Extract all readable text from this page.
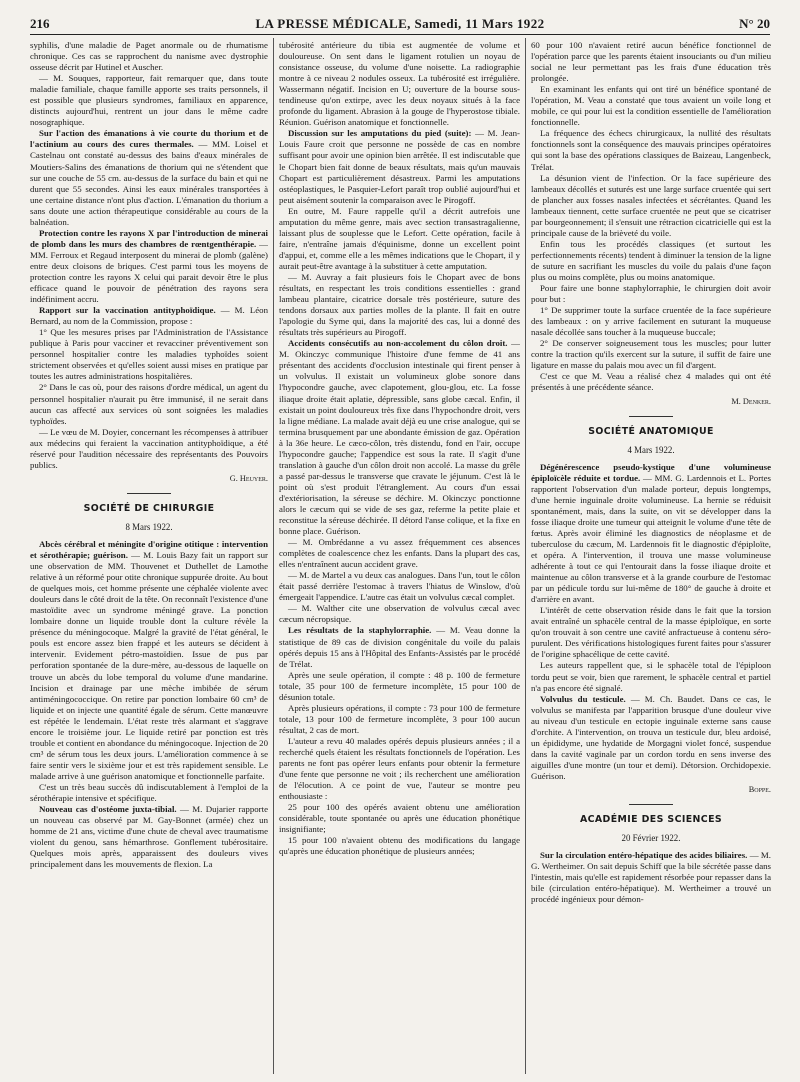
216	LA PRESSE MÉDICALE, Samedi, 11 Mars 1922	N° 20

syphilis, d'une maladie de Paget anormale ou de rhumatisme chronique. Ces cas se rapprochent du nanisme avec dystrophie osseuse décrit par Hutinel et Auscher.

— M. Souques, rapporteur, fait remarquer que, dans toute maladie familiale, chaque famille apporte ses traits personnels, il est possible que plusieurs syndromes, familiaux en apparence, distincts aujourd'hui, rentrent un jour dans le même cadre nosographique.

Sur l'action des émanations à vie courte du thorium et de l'actinium au cours des cures thermales. — MM. Loisel et Castelnau ont constaté au-dessus des bains d'eaux minérales de Moutiers-Salins des émanations de thorium qui ne s'étendent que sur une couche de 55 cm. au-dessus de la surface du bain et qui ne durent que 55 secondes. Ainsi les eaux minérales transportées à une certaine distance n'ont plus d'action. L'émanation du thorium a sans doute une action thérapeutique considérable au cours de la balnéation.

Protection contre les rayons X par l'introduction de minerai de plomb dans les murs des chambres de rœntgenthérapie. — MM. Ferroux et Regaud interposent du minerai de plomb (galène) entre deux cloisons de briques. C'est parmi tous les moyens de protection contre les rayons X celui qui parait devoir être le plus efficace quand le pouvoir de pénétration des rayons sera indéfiniment accru.

Rapport sur la vaccination antityphoïdique. — M. Léon Bernard, au nom de la Commission, propose :

1° Que les mesures prises par l'Administration de l'Assistance publique à Paris pour vacciner et revacciner préventivement son personnel hospitalier contre les maladies typhoïdes soient strictement observées et qu'elles soient aussi mises en pratique par toutes les autres administrations hospitalières.

2° Dans le cas où, pour des raisons d'ordre médical, un agent du personnel hospitalier n'aurait pu être immunisé, il ne serait dans aucun cas affecté aux services où sont soignées les maladies typhoïdes.

— Le vœu de M. Doyier, concernant les récompenses à attribuer aux médecins qui feraient la vaccination antityphoïdique, a été réservé pour l'audition nécessaire des représentants des Pouvoirs publics.

G. Heuyer.

SOCIÉTÉ DE CHIRURGIE
8 Mars 1922.

Abcès cérébral et méningite d'origine otitique : intervention et sérothérapie; guérison. — M. Louis Bazy fait un rapport sur une observation de MM. Thouvenet et Duthellet de Lamothe relative à un réformé pour otite chronique suppurée droite. Au bout de quelques mois, cet homme présente une céphalée violente avec douleurs dans le côté droit de la tête. On reconnaît l'existence d'une mastoïdite avec un syndrome méningé grave. La ponction lombaire donne un liquide trouble dont la culture révèle la présence du méningocoque. Malgré la gravité de l'état général, le pouls est encore assez bien frappé et les auteurs se décident à intervenir. Evidement pétro-mastoïdien. Issue de pus par perforation spontanée de la dure-mère, au-dessous de laquelle on trouve un abcès du lobe temporal du volume d'une mandarine. Incision et drainage par une mèche imbibée de sérum antiméningococcique. On retire par ponction lombaire 60 cm³ de liquide et on injecte une quantité égale de sérum. Cette manœuvre est répétée le lendemain. L'état reste très alarmant et s'aggrave encore le troisième jour. Le liquide retiré par ponction est très trouble et contient en abondance du méningocoque. Injection de 20 cm³ de sérum tous les deux jours. L'amélioration commence à se faire sentir vers le sixième jour et est très rapidement sensible. Le malade arrive à une guérison anatomique et fonctionnelle parfaite.

C'est un très beau succès dû indiscutablement à l'emploi de la sérothérapie intensive et spécifique.

Nouveau cas d'ostéome juxta-tibial. — M. Dujarier rapporte un nouveau cas observé par M. Gay-Bonnet (armée) chez un homme de 21 ans, victime d'une chute de cheval avec traumatisme violent du genou, sans hémarthrose. Gonflement tubérositaire. Quelques mois après, apparaissent des douleurs vives principalement dans les mouvements de flexion. La

tubérosité antérieure du tibia est augmentée de volume et douloureuse. On sent dans le ligament rotulien un noyau de consistance osseuse, du volume d'une noisette. La radiographie montre à ce niveau 2 nodules osseux. La tubérosité est irrégulière. Wassermann négatif. Incision en U; ouverture de la bourse sous-tendineuse qu'on extirpe, avec les deux noyaux situés à la face profonde du ligament. Abrasion à la gouge de l'hyperostose tibiale. Réunion. Guérison anatomique et fonctionnelle.

Discussion sur les amputations du pied (suite): — M. Jean-Louis Faure croit que personne ne possède de cas en nombre suffisant pour avoir une opinion bien arrêtée. Il est indiscutable que le Chopart bien fait donne de beaux résultats, mais qu'un mauvais Chopart est particulièrement désastreux. Parmi les amputations ostéoplastiques, le Pasquier-Lefort paraît trop oublié aujourd'hui et peut aisément soutenir la comparaison avec le Pirogoff.

En outre, M. Faure rappelle qu'il a décrit autrefois une amputation du même genre, mais avec section transastragalienne, laissant plus de souplesse que le Lefort. Cette opération, facile à faire, n'entraîne jamais d'équinisme, donne un excellent point d'appui, et, comme elle a les mêmes indications que le Chopart, il y aurait peut-être avantage à la substituer à cette amputation.

— M. Auvray a fait plusieurs fois le Chopart avec de bons résultats, en respectant les trois conditions essentielles : grand lambeau plantaire, cicatrice dorsale très postérieure, suture des tendons dorsaux aux parties molles de la plante. Il fait en outre l'apologie du Syme qui, dans la majorité des cas, lui a donné des résultats très supérieurs au Pirogoff.

Accidents consécutifs au non-accolement du côlon droit. — M. Okinczyc communique l'histoire d'une femme de 41 ans présentant des accidents d'occlusion intestinale qui firent penser à un volvulus. Il existait un volumineux globe sonore dans l'hypocondre gauche, avec clapotement, glou-glou, etc. La fosse iliaque droite était aplatie, dépressible, sans globe cæcal. Enfin, il existait un point douloureux très fixe dans l'hypochondre droit, vers la ligne médiane. La malade avait déjà eu une crise analogue, qui se termina brusquement par une abondante émission de gaz. Opération à la 36e heure. Le cæco-côlon, très distendu, fond en l'air, occupe l'hypocondre gauche; l'appendice est sous la rate. Il s'agit d'une translation à gauche d'un côlon droit non accolé. La masse du grêle a passé par-dessus le transverse que cravate le jéjunum. C'est là le point où s'est produit l'étranglement. Au cours d'un essai d'extériorisation, la séreuse se déchire. M. Okinczyc ponctionne alors le cæcum qui se vide de ses gaz, referme la petite plaie et reconstitue la séreuse déchirée. Il détord l'anse colique, et la fixe en bonne place. Guérison.

— M. Ombrédanne a vu assez fréquemment ces absences complètes de coalescence chez les enfants. Dans la plupart des cas, elles n'entraînent aucun accident grave.

— M. de Martel a vu deux cas analogues. Dans l'un, tout le côlon était passé derrière l'estomac à travers l'hiatus de Winslow, d'où émergeait l'appendice. L'autre cas était un volvulus cæcal complet.

— M. Walther cite une observation de volvulus cæcal avec cæcum nécropsique.

Les résultats de la staphylorraphie. — M. Veau donne la statistique de 89 cas de division congénitale du voile du palais opérés depuis 15 ans à l'Hôpital des Enfants-Assistés par le procédé de Trélat.

Après une seule opération, il compte : 48 p. 100 de fermeture totale, 35 pour 100 de fermeture incomplète, 15 pour 100 de désunion totale.

Après plusieurs opérations, il compte : 73 pour 100 de fermeture totale, 13 pour 100 de fermeture incomplète, 3 pour 100 aucun résultat, 2 cas de mort.

L'auteur a revu 40 malades opérés depuis plusieurs années ; il a recherché quels étaient les résultats fonctionnels de l'opération. Les parents ne font pas opérer leurs enfants pour obtenir la fermeture d'une fente que personne ne voit ; ils recherchent une amélioration de l'élocution. A ce point de vue, l'auteur se montre peu enthousiaste :

25 pour 100 des opérés avaient obtenu une amélioration considérable, toute spontanée ou après une éducation phonétique insignifiante;

15 pour 100 n'avaient obtenu des modifications du langage qu'après une éducation phonétique de plusieurs années;

60 pour 100 n'avaient retiré aucun bénéfice fonctionnel de l'opération parce que les parents étaient insouciants ou d'un milieu social ne leur permettant pas les frais d'une éducation très prolongée.

En examinant les enfants qui ont tiré un bénéfice spontané de l'opération, M. Veau a constaté que tous avaient un voile long et mobile, ce qui pour lui est la condition essentielle de l'amélioration fonctionnelle.

La fréquence des échecs chirurgicaux, la nullité des résultats fonctionnels sont la conséquence des mauvais principes opératoires qui sont la base des opérations classiques de Baizeau, Langenbeck, Trélat.

La désunion vient de l'infection. Or la face supérieure des lambeaux décollés et suturés est une large surface cruentée qui sert de plancher aux fosses nasales infectées et sécrétantes. Quand les lambeaux tiennent, cette surface cruentée ne peut que se cicatriser par bourgeonnement; il s'ensuit une rétraction cicatricielle qui est la principale cause de la brièveté du voile.

Enfin tous les procédés classiques (et surtout les perfectionnements récents) tendent à diminuer la tension de la ligne de suture en sacrifiant les muscles du voile du palais d'une façon plus ou moins complète, plus ou moins anatomique.

Pour faire une bonne staphylorraphie, le chirurgien doit avoir pour but :

1° De supprimer toute la surface cruentée de la face supérieure des lambeaux : on y arrive facilement en suturant la muqueuse nasale décollée sans toucher à la muqueuse buccale;

2° De conserver soigneusement tous les muscles; pour lutter contre la traction qu'ils exercent sur la suture, il suffit de faire une ligature en masse du palais mou avec un fil d'argent.

C'est ce que M. Veau a réalisé chez 4 malades qui ont été présentés à une précédente séance.

M. Denker.

SOCIÉTÉ ANATOMIQUE
4 Mars 1922.

Dégénérescence pseudo-kystique d'une volumineuse épiploïcèle réduite et tordue. — MM. G. Lardennois et L. Portes rapportent l'observation d'un malade porteur, depuis longtemps, d'une hernie inguinale droite volumineuse. La hernie se réduisit spontanément, mais, dans la suite, on vit se développer dans la fosse iliaque droite une tumeur qui atteignit le volume d'une tête de fœtus. Après avoir éliminé les diagnostics de néoplasme et de tuberculose du cæcum, M. Lardennois fit le diagnostic d'épiploïte, et opéra. A l'intervention, il trouva une masse volumineuse adhérente à tout ce qui l'entourait dans la fosse iliaque droite et maintenue au côlon transverse et à la grande courbure de l'estomac par un pédicule tordu sur lui-même de 180° de gauche à droite et d'arrière en avant.

L'intérêt de cette observation réside dans le fait que la torsion avait entraîné un sphacèle central de la masse épiploïque, en sorte qu'on trouvait à son centre une cavité anfractueuse à contenu séro-purulent. Des vérifications histologiques furent faites pour s'assurer de l'origine sphacélique de cette cavité.

Les auteurs rappellent que, si le sphacèle total de l'épiploon tordu peut se voir, bien que rarement, le sphacèle central et partiel n'a pas encore été signalé.

Volvulus du testicule. — M. Ch. Baudet. Dans ce cas, le volvulus se manifesta par l'apparition brusque d'une douleur vive au niveau d'un testicule en ectopie inguinale externe sans cause d'orchite. A l'intervention, on trouva un testicule dur, bleu ardoisé, un épididyme, une hydatide de Morgagni violet foncé, suspendue dans la cavité vaginale par un cordon tordu en sens inverse des aiguilles d'une montre (un tour et demi). Détorsion. Orchidopexie. Guérison.

Boppe.

ACADÉMIE DES SCIENCES
20 Février 1922.

Sur la circulation entéro-hépatique des acides biliaires. — M. G. Wertheimer. On sait depuis Schiff que la bile sécrétée passe dans l'intestin, mais qu'elle est rapidement résorbée pour repasser dans la bile (circulation entéro-hépatique). M. Wertheimer a trouvé un procédé ingénieux pour démon-
